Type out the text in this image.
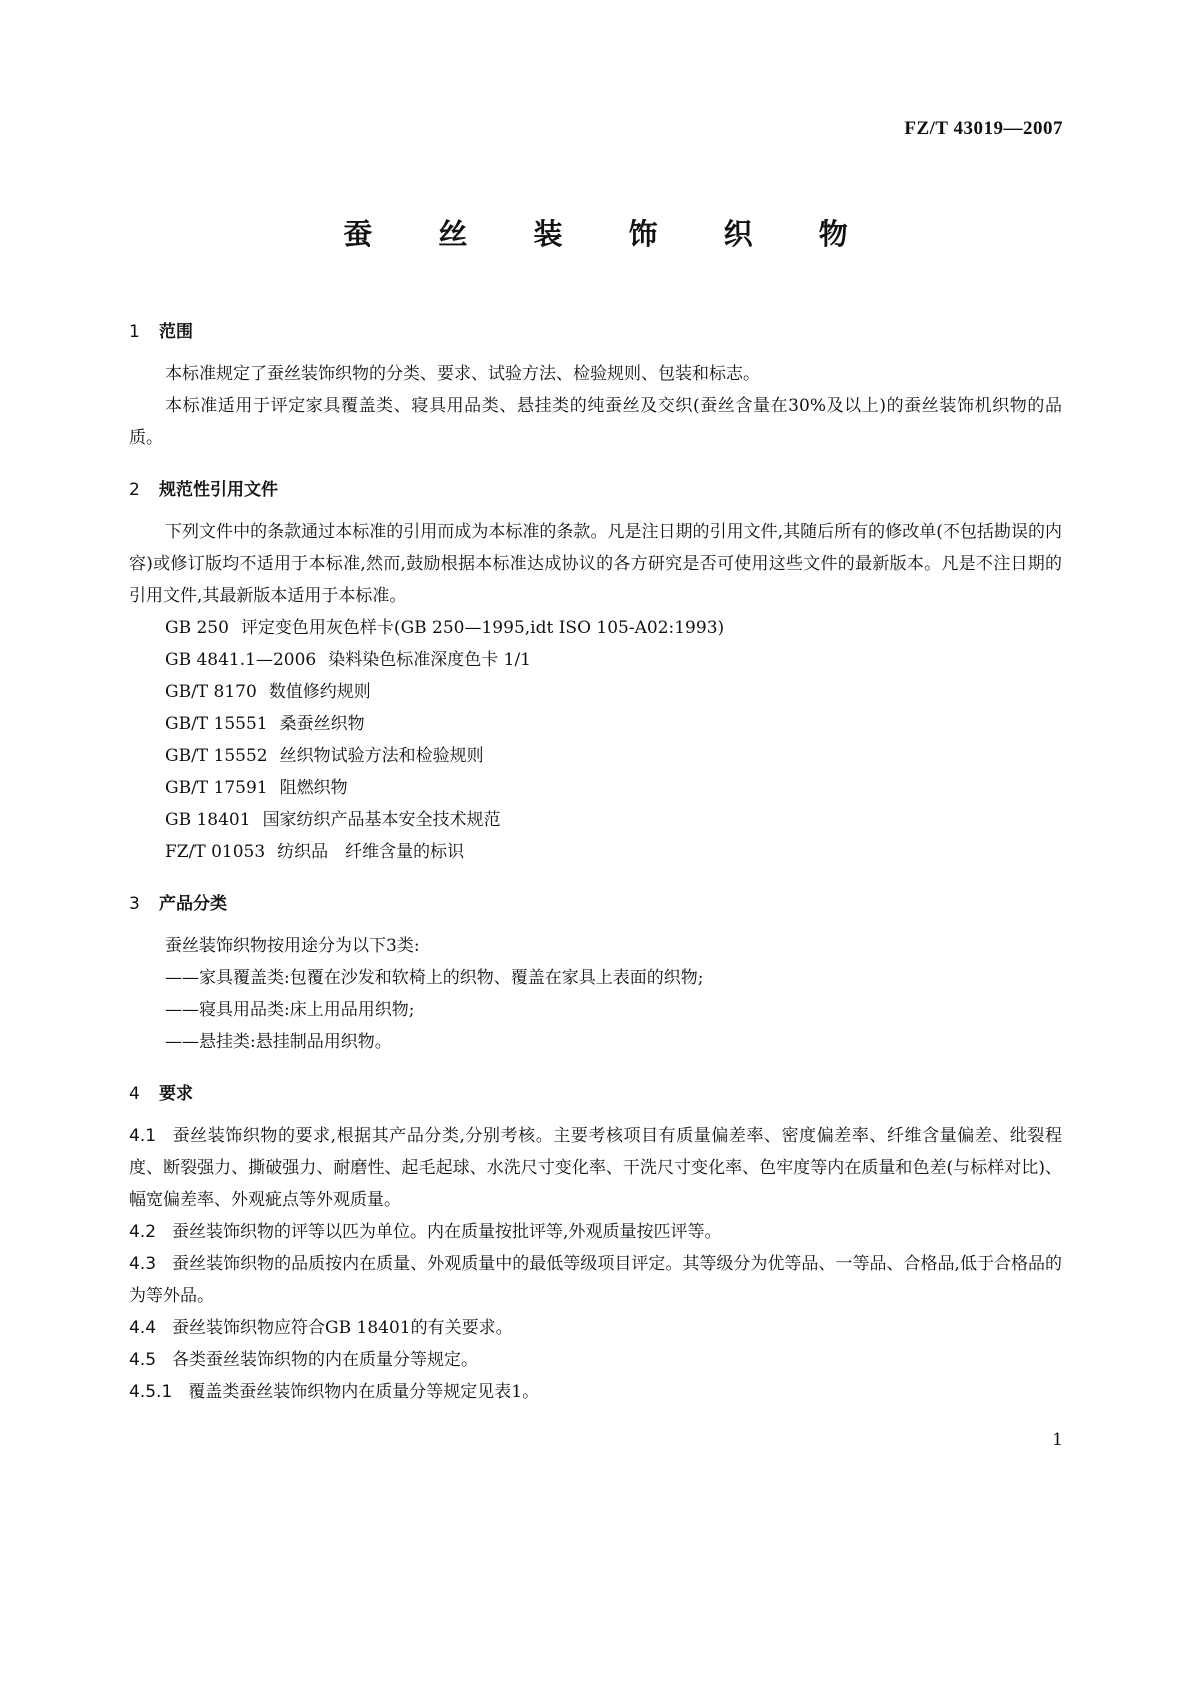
FZ/T 43019—2007
蚕 丝 装 饰 织 物
1 范围

本标准规定了蚕丝装饰织物的分类、要求、试验方法、检验规则、包装和标志。

本标准适用于评定家具覆盖类、寝具用品类、悬挂类的纯蚕丝及交织(蚕丝含量在30%及以上)的蚕丝装饰机织物的品质。

2 规范性引用文件

下列文件中的条款通过本标准的引用而成为本标准的条款。凡是注日期的引用文件,其随后所有的修改单(不包括勘误的内容)或修订版均不适用于本标准,然而,鼓励根据本标准达成协议的各方研究是否可使用这些文件的最新版本。凡是不注日期的引用文件,其最新版本适用于本标准。

GB 250 评定变色用灰色样卡(GB 250—1995,idt ISO 105-A02:1993)
GB 4841.1—2006 染料染色标准深度色卡 1/1
GB/T 8170 数值修约规则
GB/T 15551 桑蚕丝织物
GB/T 15552 丝织物试验方法和检验规则
GB/T 17591 阻燃织物
GB 18401 国家纺织产品基本安全技术规范
FZ/T 01053 纺织品　纤维含量的标识
3 产品分类
蚕丝装饰织物按用途分为以下3类:
——家具覆盖类:包覆在沙发和软椅上的织物、覆盖在家具上表面的织物;
——寝具用品类:床上用品用织物;
——悬挂类:悬挂制品用织物。
4 要求

4.1 蚕丝装饰织物的要求,根据其产品分类,分别考核。主要考核项目有质量偏差率、密度偏差率、纤维含量偏差、纰裂程度、断裂强力、撕破强力、耐磨性、起毛起球、水洗尺寸变化率、干洗尺寸变化率、色牢度等内在质量和色差(与标样对比)、幅宽偏差率、外观疵点等外观质量。

4.2 蚕丝装饰织物的评等以匹为单位。内在质量按批评等,外观质量按匹评等。

4.3 蚕丝装饰织物的品质按内在质量、外观质量中的最低等级项目评定。其等级分为优等品、一等品、合格品,低于合格品的为等外品。

4.4 蚕丝装饰织物应符合GB 18401的有关要求。

4.5 各类蚕丝装饰织物的内在质量分等规定。

4.5.1 覆盖类蚕丝装饰织物内在质量分等规定见表1。

1
